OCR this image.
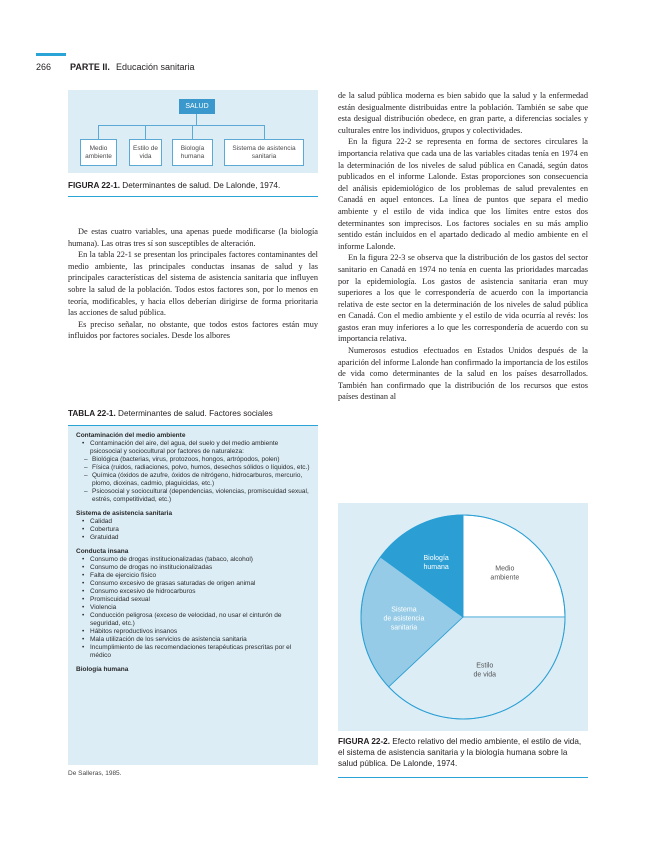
266 PARTE II. Educación sanitaria
SALUD
Medio ambiente
Estilo de vida
Biología humana
Sistema de asistencia sanitaria
FIGURA 22-1. Determinantes de salud. De Lalonde, 1974.

De estas cuatro variables, una apenas puede modificarse (la biología humana). Las otras tres sí son susceptibles de alteración.

En la tabla 22-1 se presentan los principales factores contaminantes del medio ambiente, las principales conductas insanas de salud y las principales características del sistema de asistencia sanitaria que influyen sobre la salud de la población. Todos estos factores son, por lo menos en teoría, modificables, y hacia ellos deberían dirigirse de forma prioritaria las acciones de salud pública.

Es preciso señalar, no obstante, que todos estos factores están muy influidos por factores sociales. Desde los albores

TABLA 22-1. Determinantes de salud. Factores sociales
Contaminación del medio ambiente
• Contaminación del aire, del agua, del suelo y del medio ambiente psicosocial y sociocultural por factores de naturaleza:
– Biológica (bacterias, virus, protozoos, hongos, artrópodos, polen)
– Física (ruidos, radiaciones, polvo, humos, desechos sólidos o líquidos, etc.)
– Química (óxidos de azufre, óxidos de nitrógeno, hidrocarburos, mercurio, plomo, dioxinas, cadmio, plaguicidas, etc.)
– Psicosocial y sociocultural (dependencias, violencias, promiscuidad sexual, estrés, competitividad, etc.)
Sistema de asistencia sanitaria
• Calidad
• Cobertura
• Gratuidad
Conducta insana
• Consumo de drogas institucionalizadas (tabaco, alcohol)
• Consumo de drogas no institucionalizadas
• Falta de ejercicio físico
• Consumo excesivo de grasas saturadas de origen animal
• Consumo excesivo de hidrocarburos
• Promiscuidad sexual
• Violencia
• Conducción peligrosa (exceso de velocidad, no usar el cinturón de seguridad, etc.)
• Hábitos reproductivos insanos
• Mala utilización de los servicios de asistencia sanitaria
• Incumplimiento de las recomendaciones terapéuticas prescritas por el médico
Biología humana
De Salleras, 1985.

de la salud pública moderna es bien sabido que la salud y la enfermedad están desigualmente distribuidas entre la población. También se sabe que esta desigual distribución obedece, en gran parte, a diferencias sociales y culturales entre los individuos, grupos y colectividades.

En la figura 22-2 se representa en forma de sectores circulares la importancia relativa que cada una de las variables citadas tenía en 1974 en la determinación de los niveles de salud pública en Canadá, según datos publicados en el informe Lalonde. Estas proporciones son consecuencia del análisis epidemiológico de los problemas de salud prevalentes en Canadá en aquel entonces. La línea de puntos que separa el medio ambiente y el estilo de vida indica que los límites entre estos dos determinantes son imprecisos. Los factores sociales en su más amplio sentido están incluidos en el apartado dedicado al medio ambiente en el informe Lalonde.

En la figura 22-3 se observa que la distribución de los gastos del sector sanitario en Canadá en 1974 no tenía en cuenta las prioridades marcadas por la epidemiología. Los gastos de asistencia sanitaria eran muy superiores a los que le correspondería de acuerdo con la importancia relativa de este sector en la determinación de los niveles de salud pública en Canadá. Con el medio ambiente y el estilo de vida ocurría al revés: los gastos eran muy inferiores a lo que les correspondería de acuerdo con su importancia relativa.

Numerosos estudios efectuados en Estados Unidos después de la aparición del informe Lalonde han confirmado la importancia de los estilos de vida como determinantes de la salud en los países desarrollados. También han confirmado que la distribución de los recursos que estos países destinan al

Medio ambiente
Estilo de vida
Sistema de asistencia sanitaria
Biología humana
FIGURA 22-2. Efecto relativo del medio ambiente, el estilo de vida, el sistema de asistencia sanitaria y la biología humana sobre la salud pública. De Lalonde, 1974.
